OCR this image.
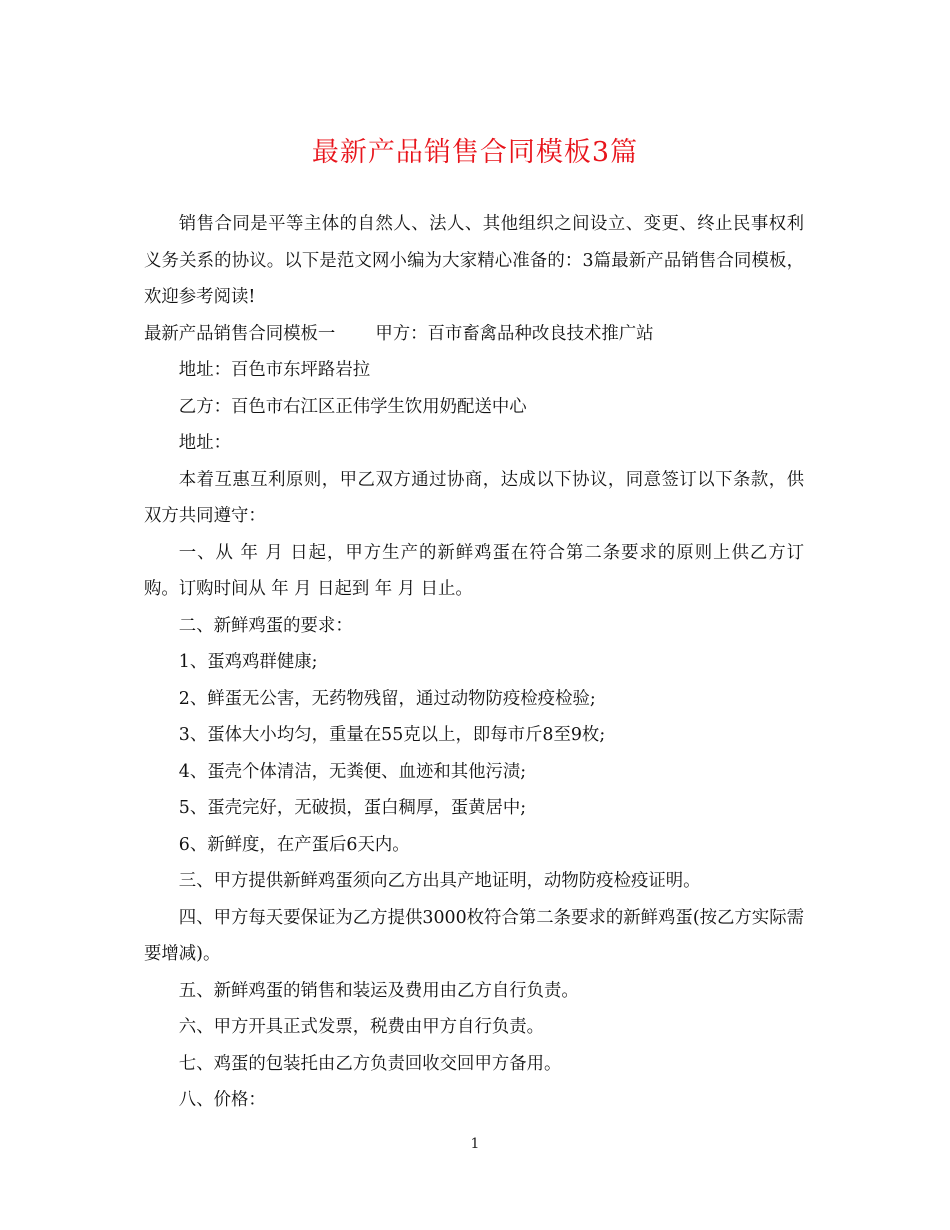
最新产品销售合同模板3篇

销售合同是平等主体的自然人、法人、其他组织之间设立、变更、终止民事权利义务关系的协议。以下是范文网小编为大家精心准备的：3篇最新产品销售合同模板，欢迎参考阅读!

最新产品销售合同模板一 甲方：百市畜禽品种改良技术推广站

地址：百色市东坪路岩拉

乙方：百色市右江区正伟学生饮用奶配送中心

地址：

本着互惠互利原则，甲乙双方通过协商，达成以下协议，同意签订以下条款，供双方共同遵守：

一、从 年 月 日起，甲方生产的新鲜鸡蛋在符合第二条要求的原则上供乙方订购。订购时间从 年 月 日起到 年 月 日止。

二、新鲜鸡蛋的要求：

1、蛋鸡鸡群健康;

2、鲜蛋无公害，无药物残留，通过动物防疫检疫检验;

3、蛋体大小均匀，重量在55克以上，即每市斤8至9枚;

4、蛋壳个体清洁，无粪便、血迹和其他污渍;

5、蛋壳完好，无破损，蛋白稠厚，蛋黄居中;

6、新鲜度，在产蛋后6天内。

三、甲方提供新鲜鸡蛋须向乙方出具产地证明，动物防疫检疫证明。

四、甲方每天要保证为乙方提供3000枚符合第二条要求的新鲜鸡蛋(按乙方实际需要增减)。

五、新鲜鸡蛋的销售和装运及费用由乙方自行负责。

六、甲方开具正式发票，税费由甲方自行负责。

七、鸡蛋的包装托由乙方负责回收交回甲方备用。

八、价格：

1
